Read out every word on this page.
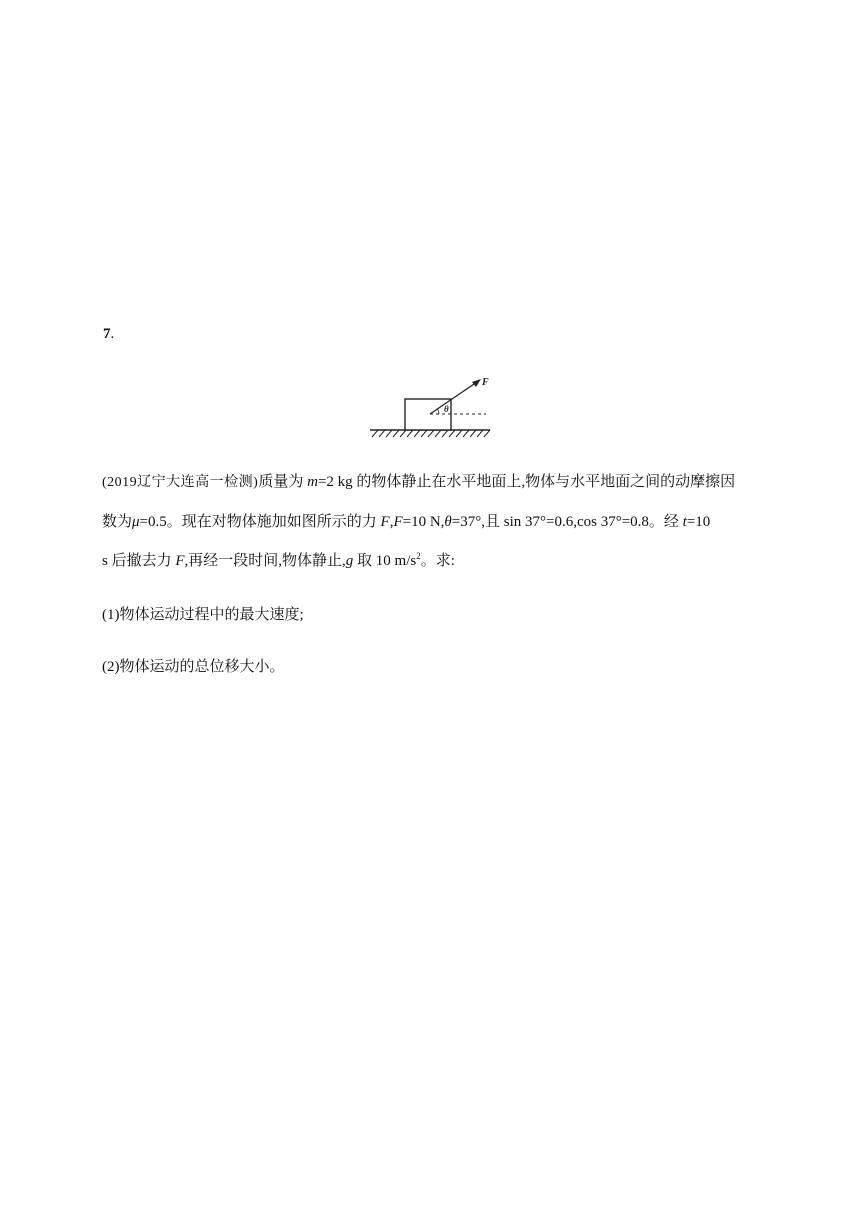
7.
F
θ
(2019辽宁大连高一检测)质量为 m=2 kg 的物体静止在水平地面上,物体与水平地面之间的动摩擦因
数为μ=0.5。现在对物体施加如图所示的力 F,F=10 N,θ=37°,且 sin 37°=0.6,cos 37°=0.8。经 t=10
s 后撤去力 F,再经一段时间,物体静止,g 取 10 $m/s^2$。求:
(1)物体运动过程中的最大速度;
(2)物体运动的总位移大小。
